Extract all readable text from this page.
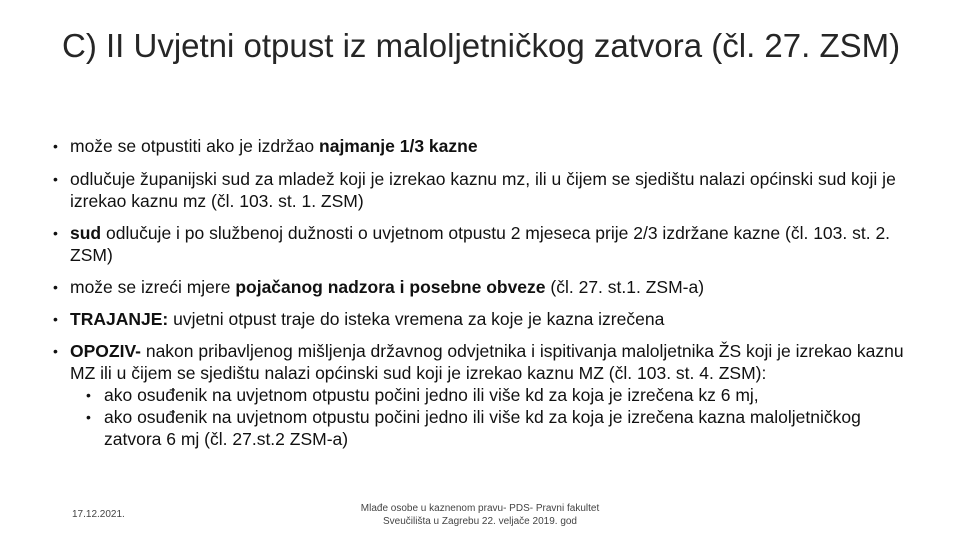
C) II Uvjetni otpust iz maloljetničkog zatvora (čl. 27. ZSM)
• može se otpustiti ako je izdržao najmanje 1/3 kazne
• odlučuje županijski sud za mladež koji je izrekao kaznu mz, ili u čijem se sjedištu nalazi općinski sud koji je izrekao kaznu mz (čl. 103. st. 1. ZSM)
• sud odlučuje i po službenoj dužnosti o uvjetnom otpustu 2 mjeseca prije 2/3 izdržane kazne (čl. 103. st. 2. ZSM)
• može se izreći mjere pojačanog nadzora i posebne obveze (čl. 27. st.1. ZSM-a)
• TRAJANJE: uvjetni otpust traje do isteka vremena za koje je kazna izrečena
• OPOZIV- nakon pribavljenog mišljenja državnog odvjetnika i ispitivanja maloljetnika ŽS koji je izrekao kaznu MZ ili u čijem se sjedištu nalazi općinski sud koji je izrekao kaznu MZ (čl. 103. st. 4. ZSM):
• ako osuđenik na uvjetnom otpustu počini jedno ili više kd za koja je izrečena kz 6 mj,
• ako osuđenik na uvjetnom otpustu počini jedno ili više kd za koja je izrečena kazna maloljetničkog zatvora 6 mj (čl. 27.st.2 ZSM-a)
17.12.2021.
Mlađe osobe u kaznenom pravu- PDS- Pravni fakultet
Sveučilišta u Zagrebu 22. veljače 2019. god
